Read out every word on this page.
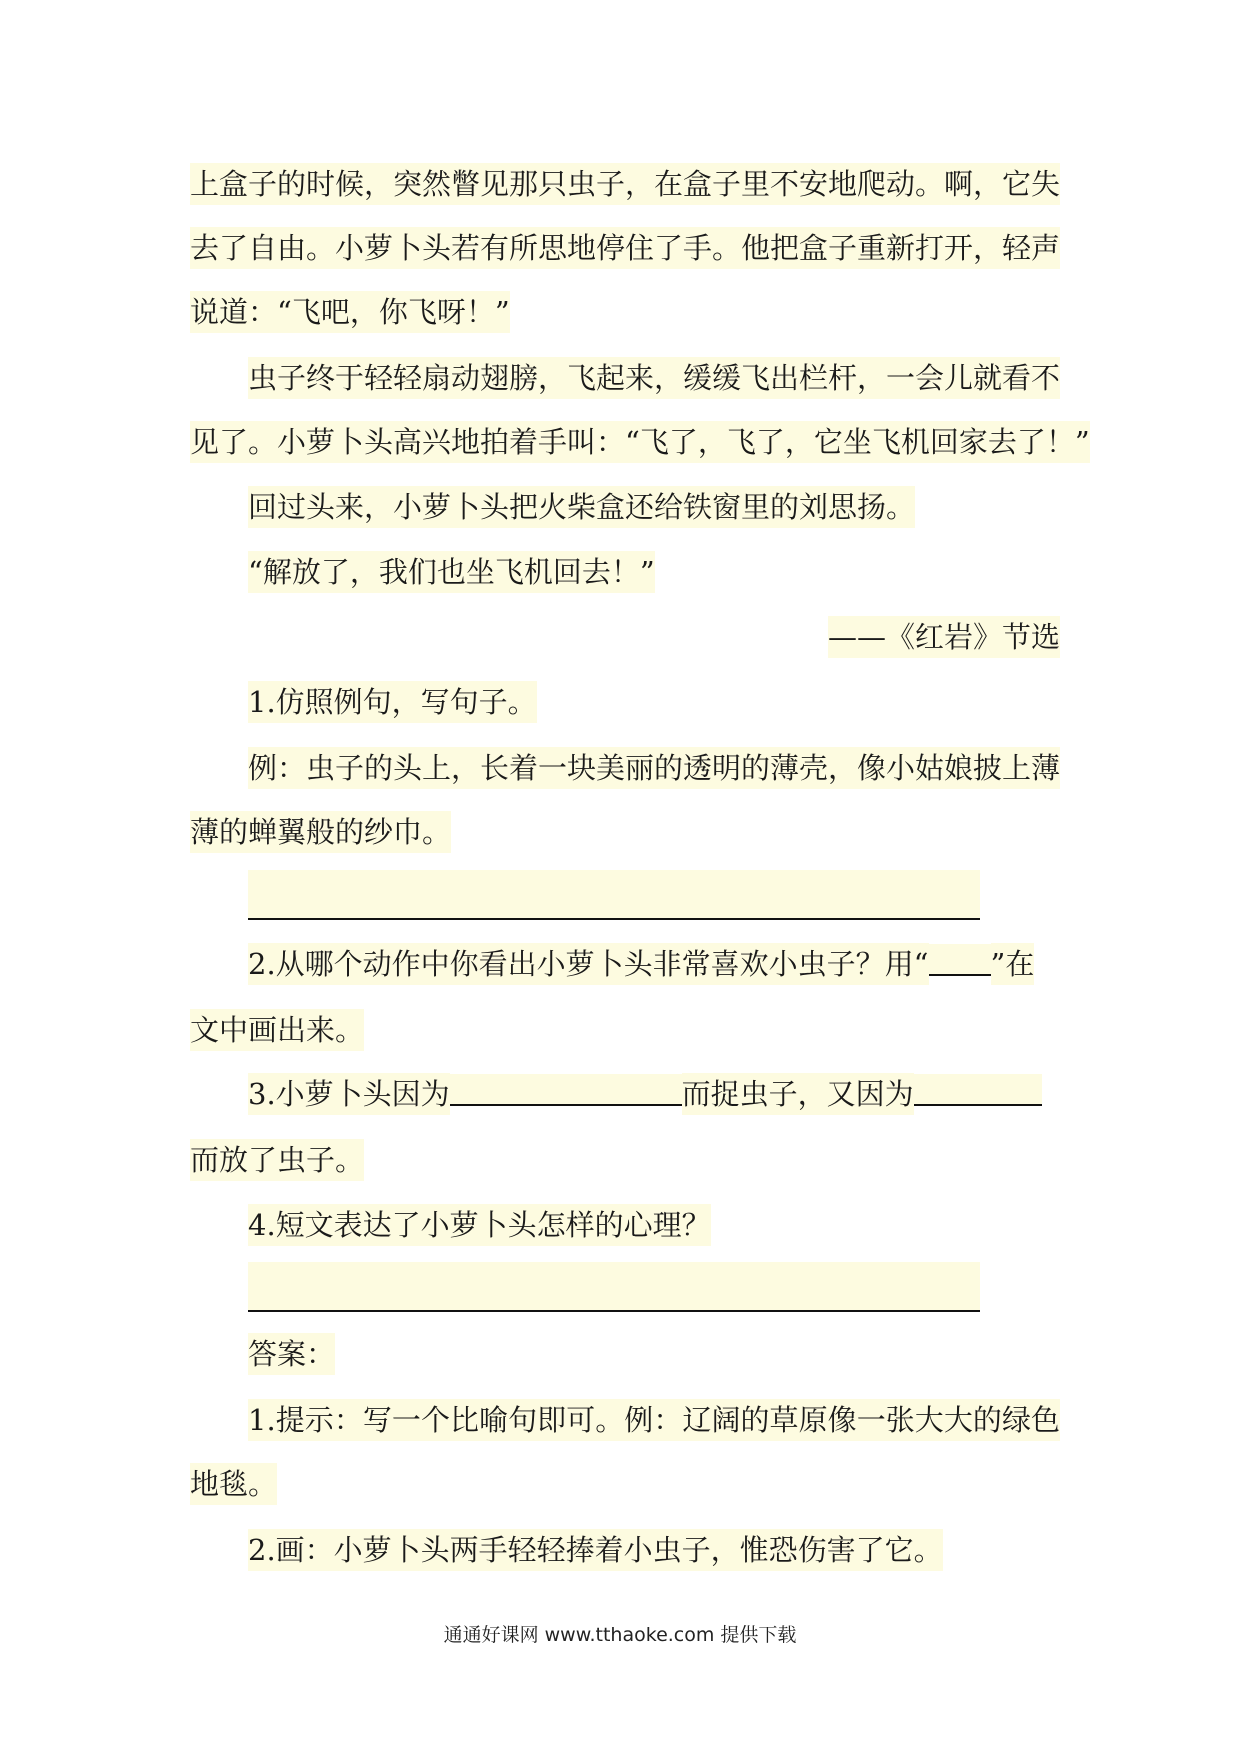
上盒子的时候，突然瞥见那只虫子，在盒子里不安地爬动。啊，它失
去了自由。小萝卜头若有所思地停住了手。他把盒子重新打开，轻声
说道：“飞吧，你飞呀！”
虫子终于轻轻扇动翅膀，飞起来，缓缓飞出栏杆，一会儿就看不
见了。小萝卜头高兴地拍着手叫：“飞了，飞了，它坐飞机回家去了！”
回过头来，小萝卜头把火柴盒还给铁窗里的刘思扬。
“解放了，我们也坐飞机回去！”
——《红岩》节选
1.仿照例句，写句子。
例：虫子的头上，长着一块美丽的透明的薄壳，像小姑娘披上薄
薄的蝉翼般的纱巾。
2.从哪个动作中你看出小萝卜头非常喜欢小虫子？用“ ”在
文中画出来。
3.小萝卜头因为	而捉虫子，又因为
而放了虫子。
4.短文表达了小萝卜头怎样的心理？
答案：
1.提示：写一个比喻句即可。例：辽阔的草原像一张大大的绿色
地毯。
2.画：小萝卜头两手轻轻捧着小虫子，惟恐伤害了它。
通通好课网 www.tthaoke.com 提供下载
